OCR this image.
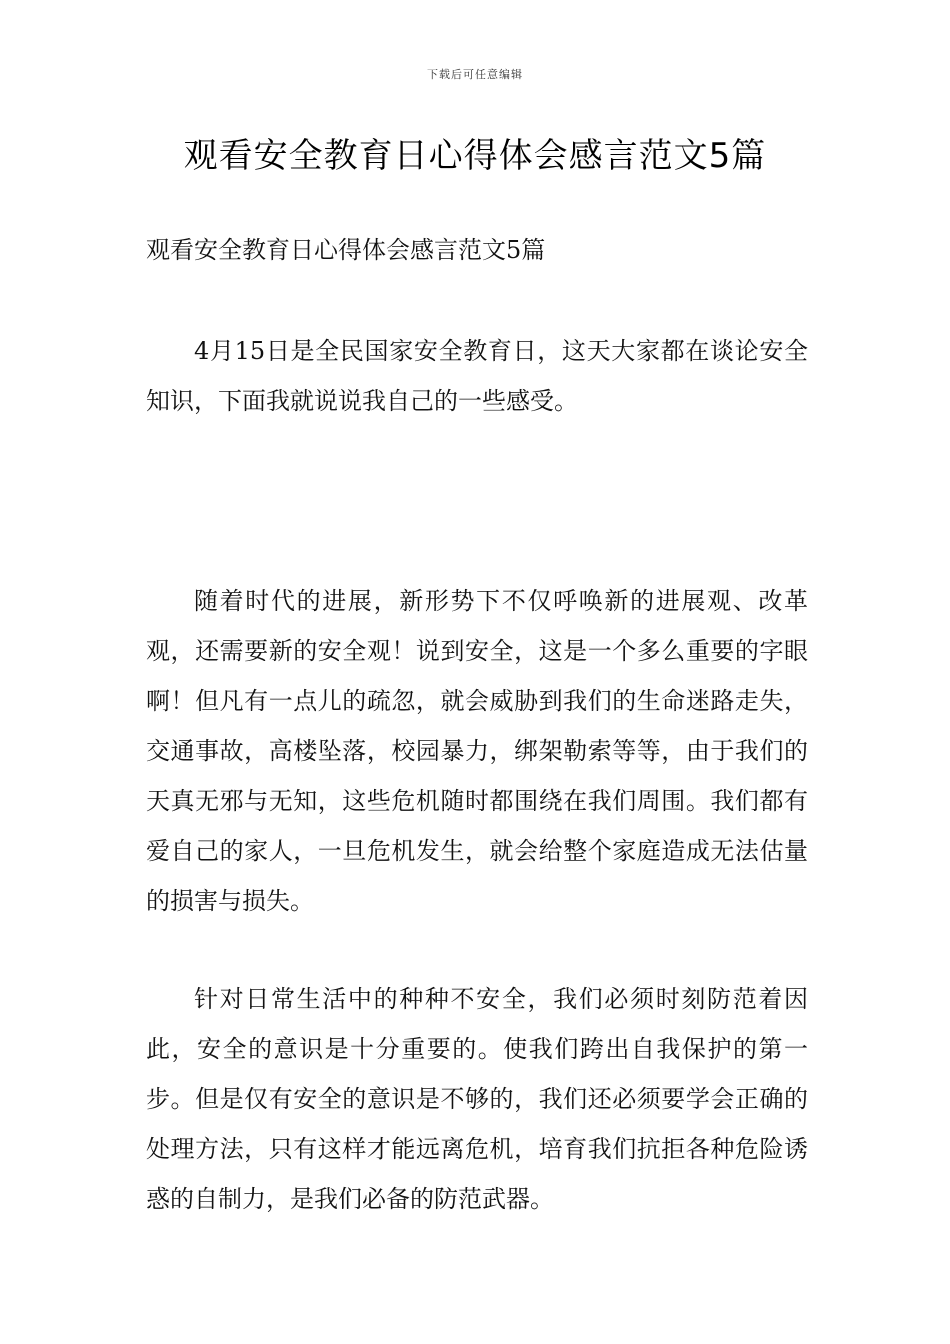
下载后可任意编辑
观看安全教育日心得体会感言范文5篇

观看安全教育日心得体会感言范文5篇

4月15日是全民国家安全教育日，这天大家都在谈论安全知识，下面我就说说我自己的一些感受。

随着时代的进展，新形势下不仅呼唤新的进展观、改革观，还需要新的安全观！说到安全，这是一个多么重要的字眼啊！但凡有一点儿的疏忽，就会威胁到我们的生命迷路走失，交通事故，高楼坠落，校园暴力，绑架勒索等等，由于我们的天真无邪与无知，这些危机随时都围绕在我们周围。我们都有爱自己的家人，一旦危机发生，就会给整个家庭造成无法估量的损害与损失。

针对日常生活中的种种不安全，我们必须时刻防范着因此，安全的意识是十分重要的。使我们跨出自我保护的第一步。但是仅有安全的意识是不够的，我们还必须要学会正确的处理方法，只有这样才能远离危机，培育我们抗拒各种危险诱惑的自制力，是我们必备的防范武器。
